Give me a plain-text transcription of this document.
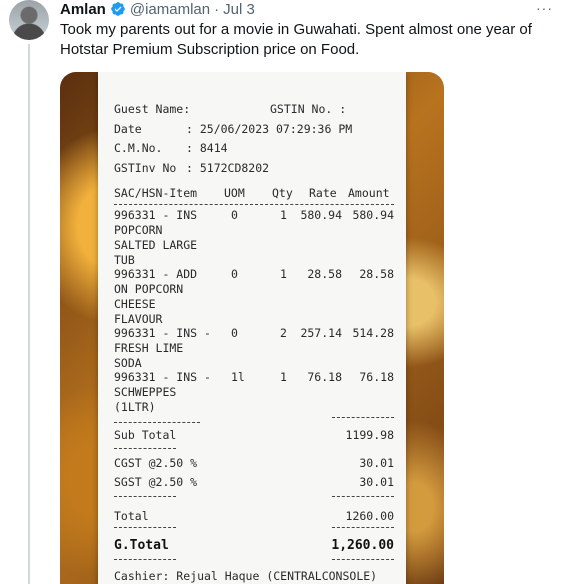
Amlan @iamamlan · Jul 3	···
Took my parents out for a movie in Guwahati. Spent almost one year of Hotstar Premium Subscription price on Food.
Guest Name:	GSTIN No. :
Date	: 25/06/2023 07:29:36 PM
C.M.No. : 8414
GSTInv No : 5172CD8202
SAC/HSN-Item UOM Qty Rate Amount
996331 - INS
POPCORN
SALTED LARGE
TUB
0	1	580.94 580.94
996331 - ADD
ON POPCORN
CHEESE
FLAVOUR
0	1	28.58	28.58
996331 - INS -
FRESH LIME
SODA
0	2	257.14 514.28
996331 - INS -
SCHWEPPES
(1LTR)
1l	1	76.18	76.18
Sub Total	1199.98
CGST @2.50 %	30.01
SGST @2.50 %	30.01
Total	1260.00
G.Total	1,260.00
Cashier: Rejual Haque (CENTRALCONSOLE)
